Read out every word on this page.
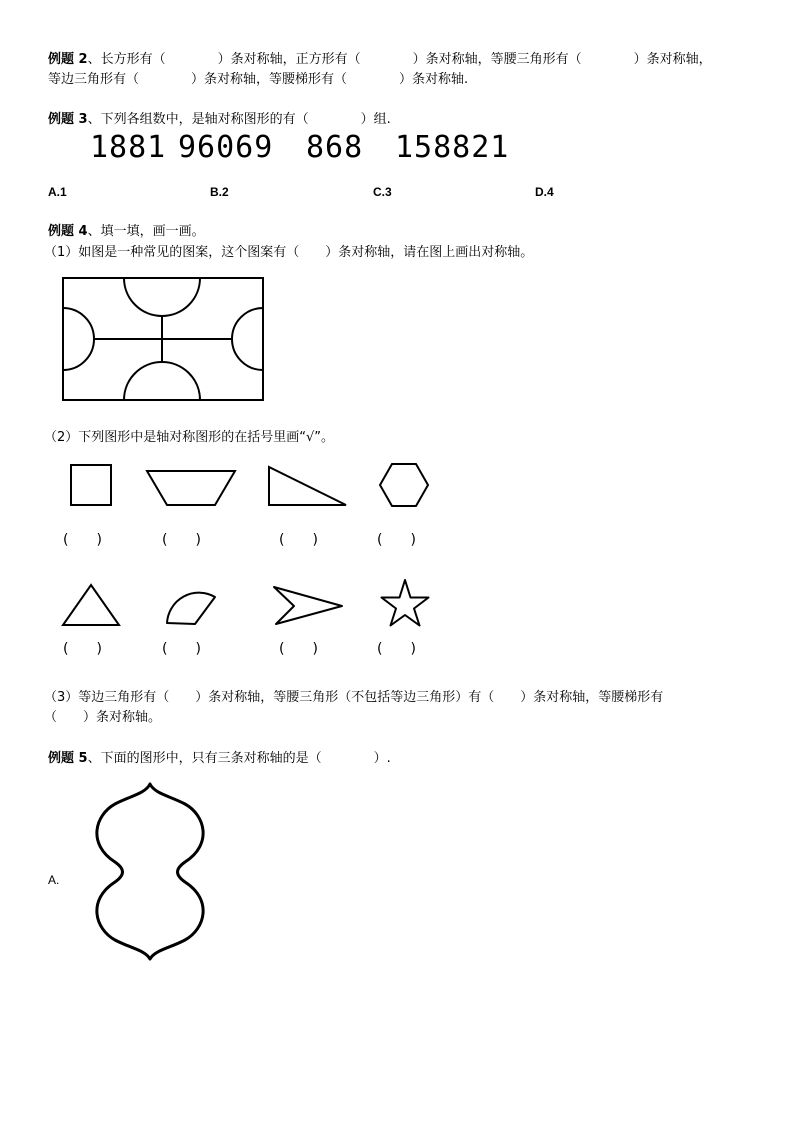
例题 2、长方形有（　　　　）条对称轴，正方形有（　　　　）条对称轴，等腰三角形有（　　　　）条对称轴，
等边三角形有（　　　　）条对称轴，等腰梯形有（　　　　）条对称轴.
例题 3、下列各组数中，是轴对称图形的有（　　　　）组.
1881 96069 868 158821
A.1	B.2	C.3	D.4
例题 4、填一填，画一画。
（1）如图是一种常见的图案，这个图案有（　　）条对称轴，请在图上画出对称轴。
（2）下列图形中是轴对称图形的在括号里画“√”。
(　　)	(　　)	(　　)	(　　)
(　　)	(　　)	(　　)	(　　)
（3）等边三角形有（　　）条对称轴，等腰三角形（不包括等边三角形）有（　　）条对称轴，等腰梯形有
（　　）条对称轴。
例题 5、下面的图形中，只有三条对称轴的是（　　　　）.
A.
